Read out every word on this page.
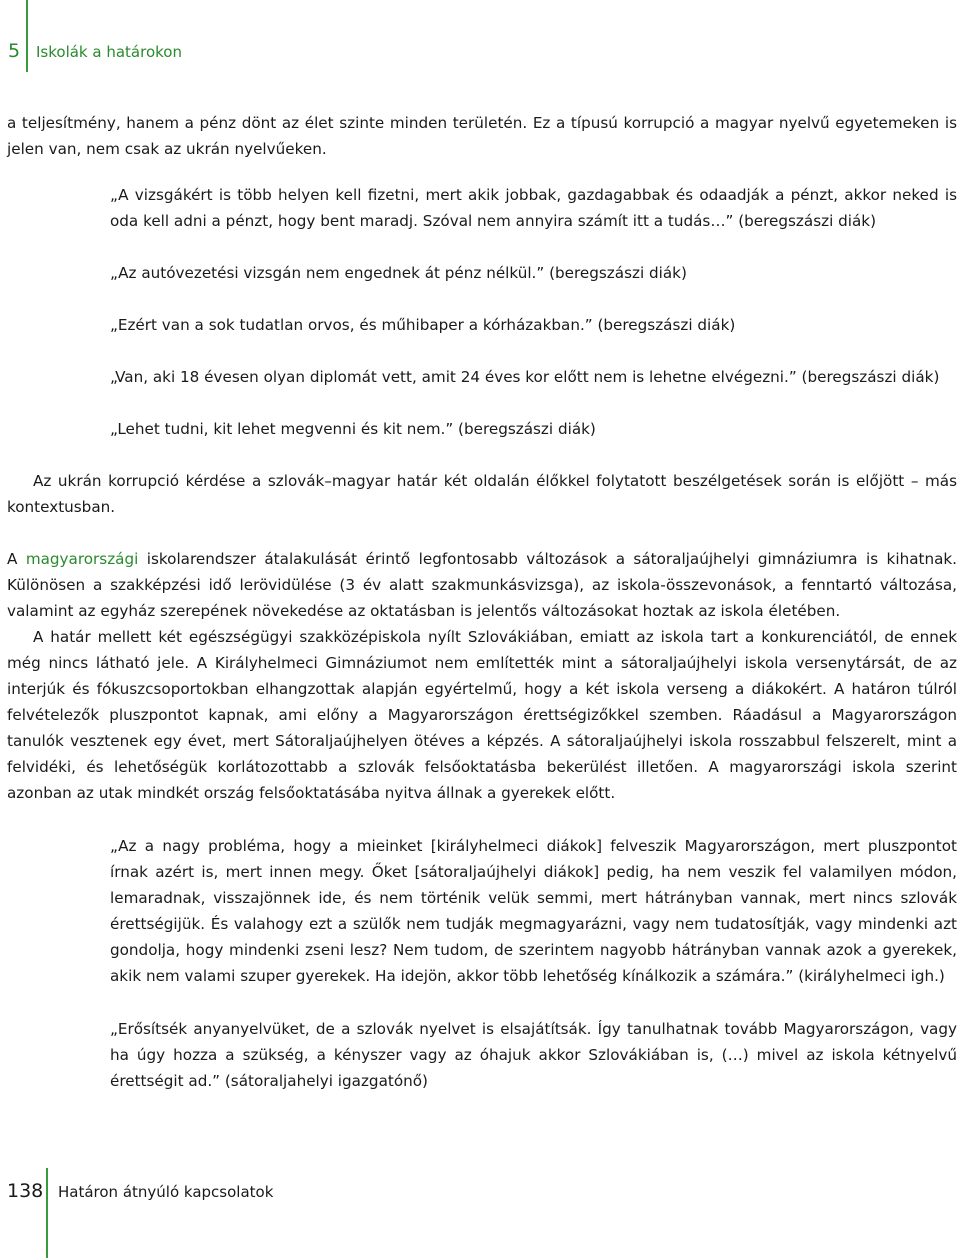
5 Iskolák a határokon

a teljesítmény, hanem a pénz dönt az élet szinte minden területén. Ez a típusú korrupció a magyar nyelvű egyetemeken is jelen van, nem csak az ukrán nyelvűeken.

„A vizsgákért is több helyen kell fizetni, mert akik jobbak, gazdagabbak és odaadják a pénzt, akkor neked is oda kell adni a pénzt, hogy bent maradj. Szóval nem annyira számít itt a tudás…” (beregszászi diák)

„Az autóvezetési vizsgán nem engednek át pénz nélkül.” (beregszászi diák)

„Ezért van a sok tudatlan orvos, és műhibaper a kórházakban.” (beregszászi diák)

„Van, aki 18 évesen olyan diplomát vett, amit 24 éves kor előtt nem is lehetne elvégezni.” (beregszászi diák)

„Lehet tudni, kit lehet megvenni és kit nem.” (beregszászi diák)

Az ukrán korrupció kérdése a szlovák–magyar határ két oldalán élőkkel folytatott beszélgetések során is előjött – más kontextusban.

A magyarországi iskolarendszer átalakulását érintő legfontosabb változások a sátoraljaújhelyi gimnáziumra is kihatnak. Különösen a szakképzési idő lerövidülése (3 év alatt szakmunkásvizsga), az iskola-összevonások, a fenntartó változása, valamint az egyház szerepének növekedése az oktatásban is jelentős változásokat hoztak az iskola életében.

A határ mellett két egészségügyi szakközépiskola nyílt Szlovákiában, emiatt az iskola tart a konkurenciától, de ennek még nincs látható jele. A Királyhelmeci Gimnáziumot nem említették mint a sátoraljaújhelyi iskola versenytársát, de az interjúk és fókuszcsoportokban elhangzottak alapján egyértelmű, hogy a két iskola verseng a diákokért. A határon túlról felvételezők pluszpontot kapnak, ami előny a Magyarországon érettségizőkkel szemben. Ráadásul a Magyarországon tanulók vesztenek egy évet, mert Sátoraljaújhelyen ötéves a képzés. A sátoraljaújhelyi iskola rosszabbul felszerelt, mint a felvidéki, és lehetőségük korlátozottabb a szlovák felsőoktatásba bekerülést illetően. A magyarországi iskola szerint azonban az utak mindkét ország felsőoktatásába nyitva állnak a gyerekek előtt.

„Az a nagy probléma, hogy a mieinket [királyhelmeci diákok] felveszik Magyarországon, mert pluszpontot írnak azért is, mert innen megy. Őket [sátoraljaújhelyi diákok] pedig, ha nem veszik fel valamilyen módon, lemaradnak, visszajönnek ide, és nem történik velük semmi, mert hátrányban vannak, mert nincs szlovák érettségijük. És valahogy ezt a szülők nem tudják megmagyarázni, vagy nem tudatosítják, vagy mindenki azt gondolja, hogy mindenki zseni lesz? Nem tudom, de szerintem nagyobb hátrányban vannak azok a gyerekek, akik nem valami szuper gyerekek. Ha idejön, akkor több lehetőség kínálkozik a számára.” (királyhelmeci igh.)

„Erősítsék anyanyelvüket, de a szlovák nyelvet is elsajátítsák. Így tanulhatnak tovább Magyarországon, vagy ha úgy hozza a szükség, a kényszer vagy az óhajuk akkor Szlovákiában is, (…) mivel az iskola kétnyelvű érettségit ad.” (sátoraljahelyi igazgatónő)

138 Határon átnyúló kapcsolatok
